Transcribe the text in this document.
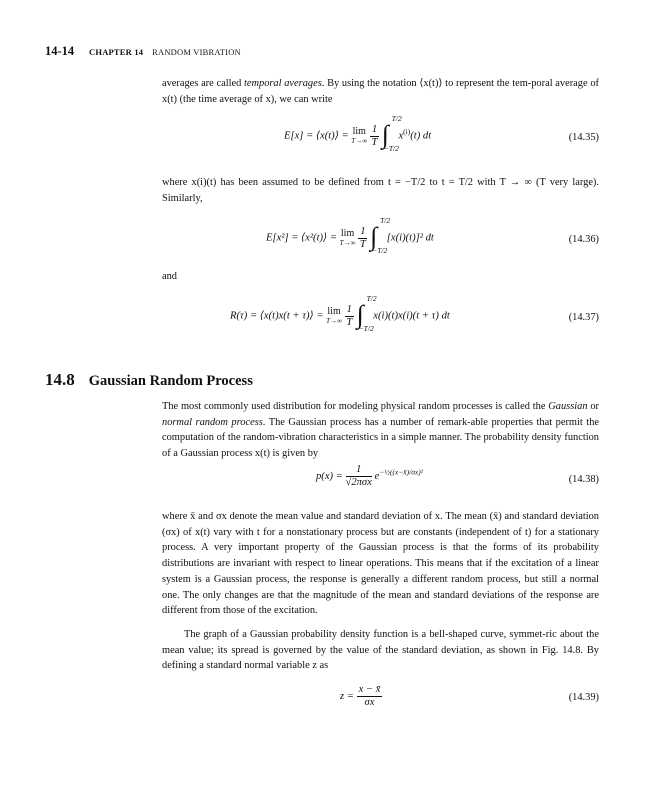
14-14 CHAPTER 14 RANDOM VIBRATION

averages are called temporal averages. By using the notation ⟨x(t)⟩ to represent the tem-poral average of x(t) (the time average of x), we can write

E[x] = ⟨x(t)⟩ = lim
T→∞
$\frac{1}{T}$
∫
T/2
−T/2
$x^{(i)}(t)$ dt	(14.35)

where x(i)(t) has been assumed to be defined from t = −T/2 to t = T/2 with T → ∞ (T very large). Similarly,

E[x²] = ⟨x²(t)⟩ = lim
T→∞
$\frac{1}{T}$
∫
T/2
−T/2
[x(i)(t)]² dt	(14.36)

and

R(τ) = ⟨x(t)x(t + τ)⟩ = lim
T→∞
$\frac{1}{T}$
∫
T/2
−T/2
x(i)(t)x(i)(t + τ) dt	(14.37)
14.8 Gaussian Random Process

The most commonly used distribution for modeling physical random processes is called the Gaussian or normal random process. The Gaussian process has a number of remark-able properties that permit the computation of the random-vibration characteristics in a simple manner. The probability density function of a Gaussian process x(t) is given by

$p(x) = \frac{1}{\text{√2πσx}} e^{-\frac{1}{2}((x-x̄)/\sigma x)^2}$
(14.38)

where x̄ and σx denote the mean value and standard deviation of x. The mean (x̄) and standard deviation (σx) of x(t) vary with t for a nonstationary process but are constants (independent of t) for a stationary process. A very important property of the Gaussian process is that the forms of its probability distributions are invariant with respect to linear operations. This means that if the excitation of a linear system is a Gaussian process, the response is generally a different random process, but still a normal one. The only changes are that the magnitude of the mean and standard deviations of the response are different from those of the excitation.

The graph of a Gaussian probability density function is a bell-shaped curve, symmet-ric about the mean value; its spread is governed by the value of the standard deviation, as shown in Fig. 14.8. By defining a standard normal variable z as

$z = \frac{x - x̄}{\sigma x}$	(14.39)
